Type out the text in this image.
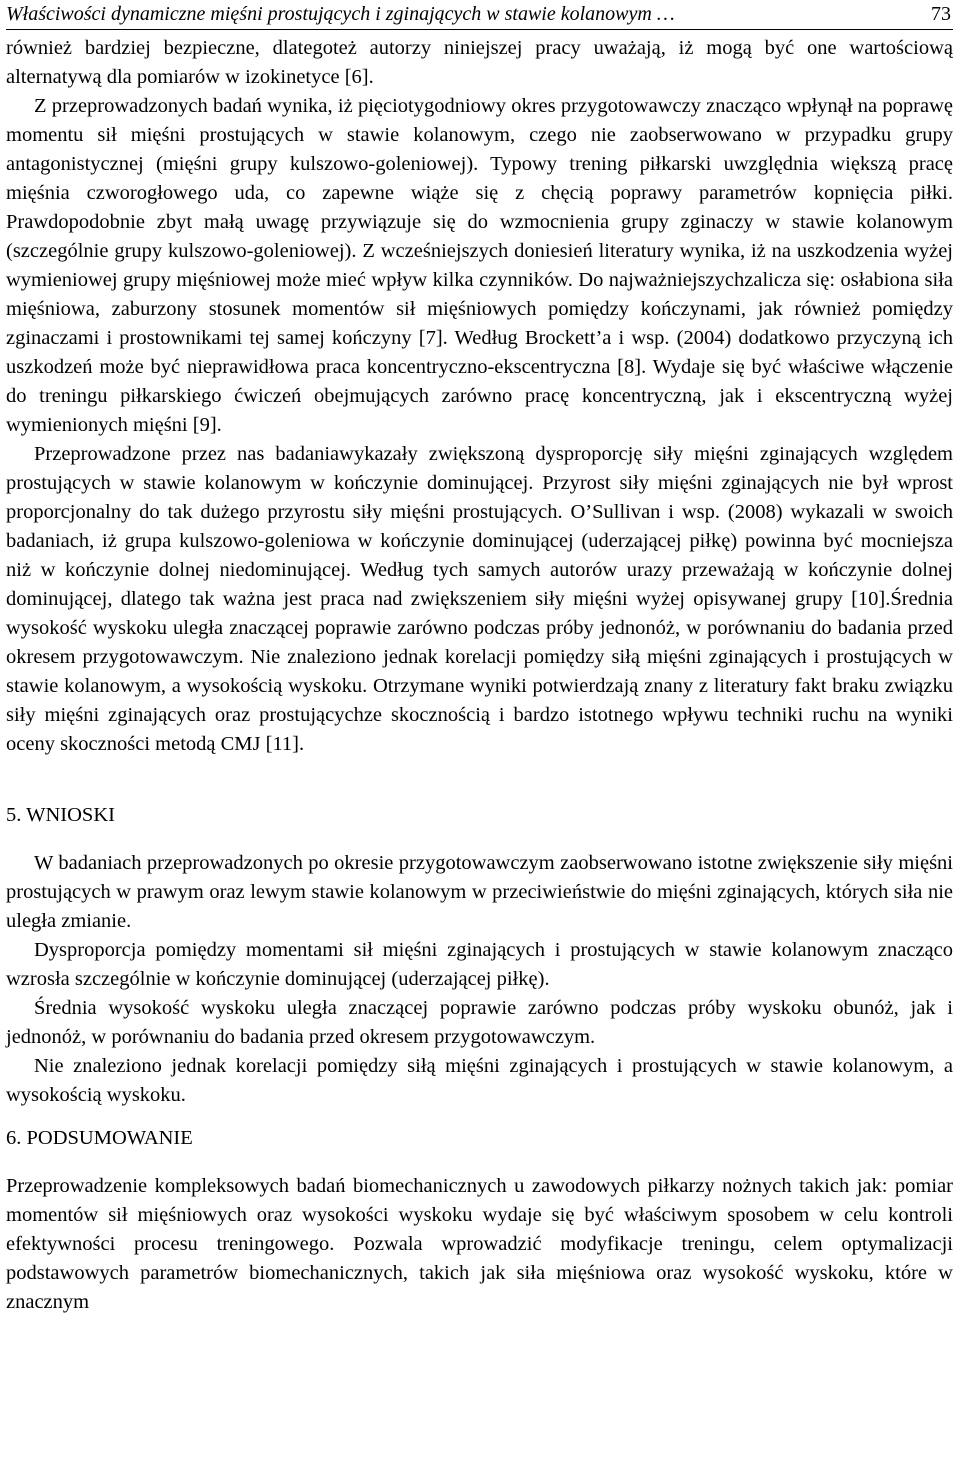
Właściwości dynamiczne mięśni prostujących i zginających w stawie kolanowym …	73

również bardziej bezpieczne, dlategoteż autorzy niniejszej pracy uważają, iż mogą być one wartościową alternatywą dla pomiarów w izokinetyce [6].

Z przeprowadzonych badań wynika, iż pięciotygodniowy okres przygotowawczy znacząco wpłynął na poprawę momentu sił mięśni prostujących w stawie kolanowym, czego nie zaobserwowano w przypadku grupy antagonistycznej (mięśni grupy kulszowo-goleniowej). Typowy trening piłkarski uwzględnia większą pracę mięśnia czworogłowego uda, co zapewne wiąże się z chęcią poprawy parametrów kopnięcia piłki. Prawdopodobnie zbyt małą uwagę przywiązuje się do wzmocnienia grupy zginaczy w stawie kolanowym (szczególnie grupy kulszowo-goleniowej). Z wcześniejszych doniesień literatury wynika, iż na uszkodzenia wyżej wymieniowej grupy mięśniowej może mieć wpływ kilka czynników. Do najważniejszychzalicza się: osłabiona siła mięśniowa, zaburzony stosunek momentów sił mięśniowych pomiędzy kończynami, jak również pomiędzy zginaczami i prostownikami tej samej kończyny [7]. Według Brockett’a i wsp. (2004) dodatkowo przyczyną ich uszkodzeń może być nieprawidłowa praca koncentryczno-ekscentryczna [8]. Wydaje się być właściwe włączenie do treningu piłkarskiego ćwiczeń obejmujących zarówno pracę koncentryczną, jak i ekscentryczną wyżej wymienionych mięśni [9].

Przeprowadzone przez nas badaniawykazały zwiększoną dysproporcję siły mięśni zginających względem prostujących w stawie kolanowym w kończynie dominującej. Przyrost siły mięśni zginających nie był wprost proporcjonalny do tak dużego przyrostu siły mięśni prostujących. O’Sullivan i wsp. (2008) wykazali w swoich badaniach, iż grupa kulszowo-goleniowa w kończynie dominującej (uderzającej piłkę) powinna być mocniejsza niż w kończynie dolnej niedominującej. Według tych samych autorów urazy przeważają w kończynie dolnej dominującej, dlatego tak ważna jest praca nad zwiększeniem siły mięśni wyżej opisywanej grupy [10].Średnia wysokość wyskoku uległa znaczącej poprawie zarówno podczas próby jednonóż, w porównaniu do badania przed okresem przygotowawczym. Nie znaleziono jednak korelacji pomiędzy siłą mięśni zginających i prostujących w stawie kolanowym, a wysokością wyskoku. Otrzymane wyniki potwierdzają znany z literatury fakt braku związku siły mięśni zginających oraz prostującychze skocznością i bardzo istotnego wpływu techniki ruchu na wyniki oceny skoczności metodą CMJ [11].

5. WNIOSKI

W badaniach przeprowadzonych po okresie przygotowawczym zaobserwowano istotne zwiększenie siły mięśni prostujących w prawym oraz lewym stawie kolanowym w przeciwieństwie do mięśni zginających, których siła nie uległa zmianie.

Dysproporcja pomiędzy momentami sił mięśni zginających i prostujących w stawie kolanowym znacząco wzrosła szczególnie w kończynie dominującej (uderzającej piłkę).

Średnia wysokość wyskoku uległa znaczącej poprawie zarówno podczas próby wyskoku obunóż, jak i jednonóż, w porównaniu do badania przed okresem przygotowawczym.

Nie znaleziono jednak korelacji pomiędzy siłą mięśni zginających i prostujących w stawie kolanowym, a wysokością wyskoku.

6. PODSUMOWANIE

Przeprowadzenie kompleksowych badań biomechanicznych u zawodowych piłkarzy nożnych takich jak: pomiar momentów sił mięśniowych oraz wysokości wyskoku wydaje się być właściwym sposobem w celu kontroli efektywności procesu treningowego. Pozwala wprowadzić modyfikacje treningu, celem optymalizacji podstawowych parametrów biomechanicznych, takich jak siła mięśniowa oraz wysokość wyskoku, które w znacznym
